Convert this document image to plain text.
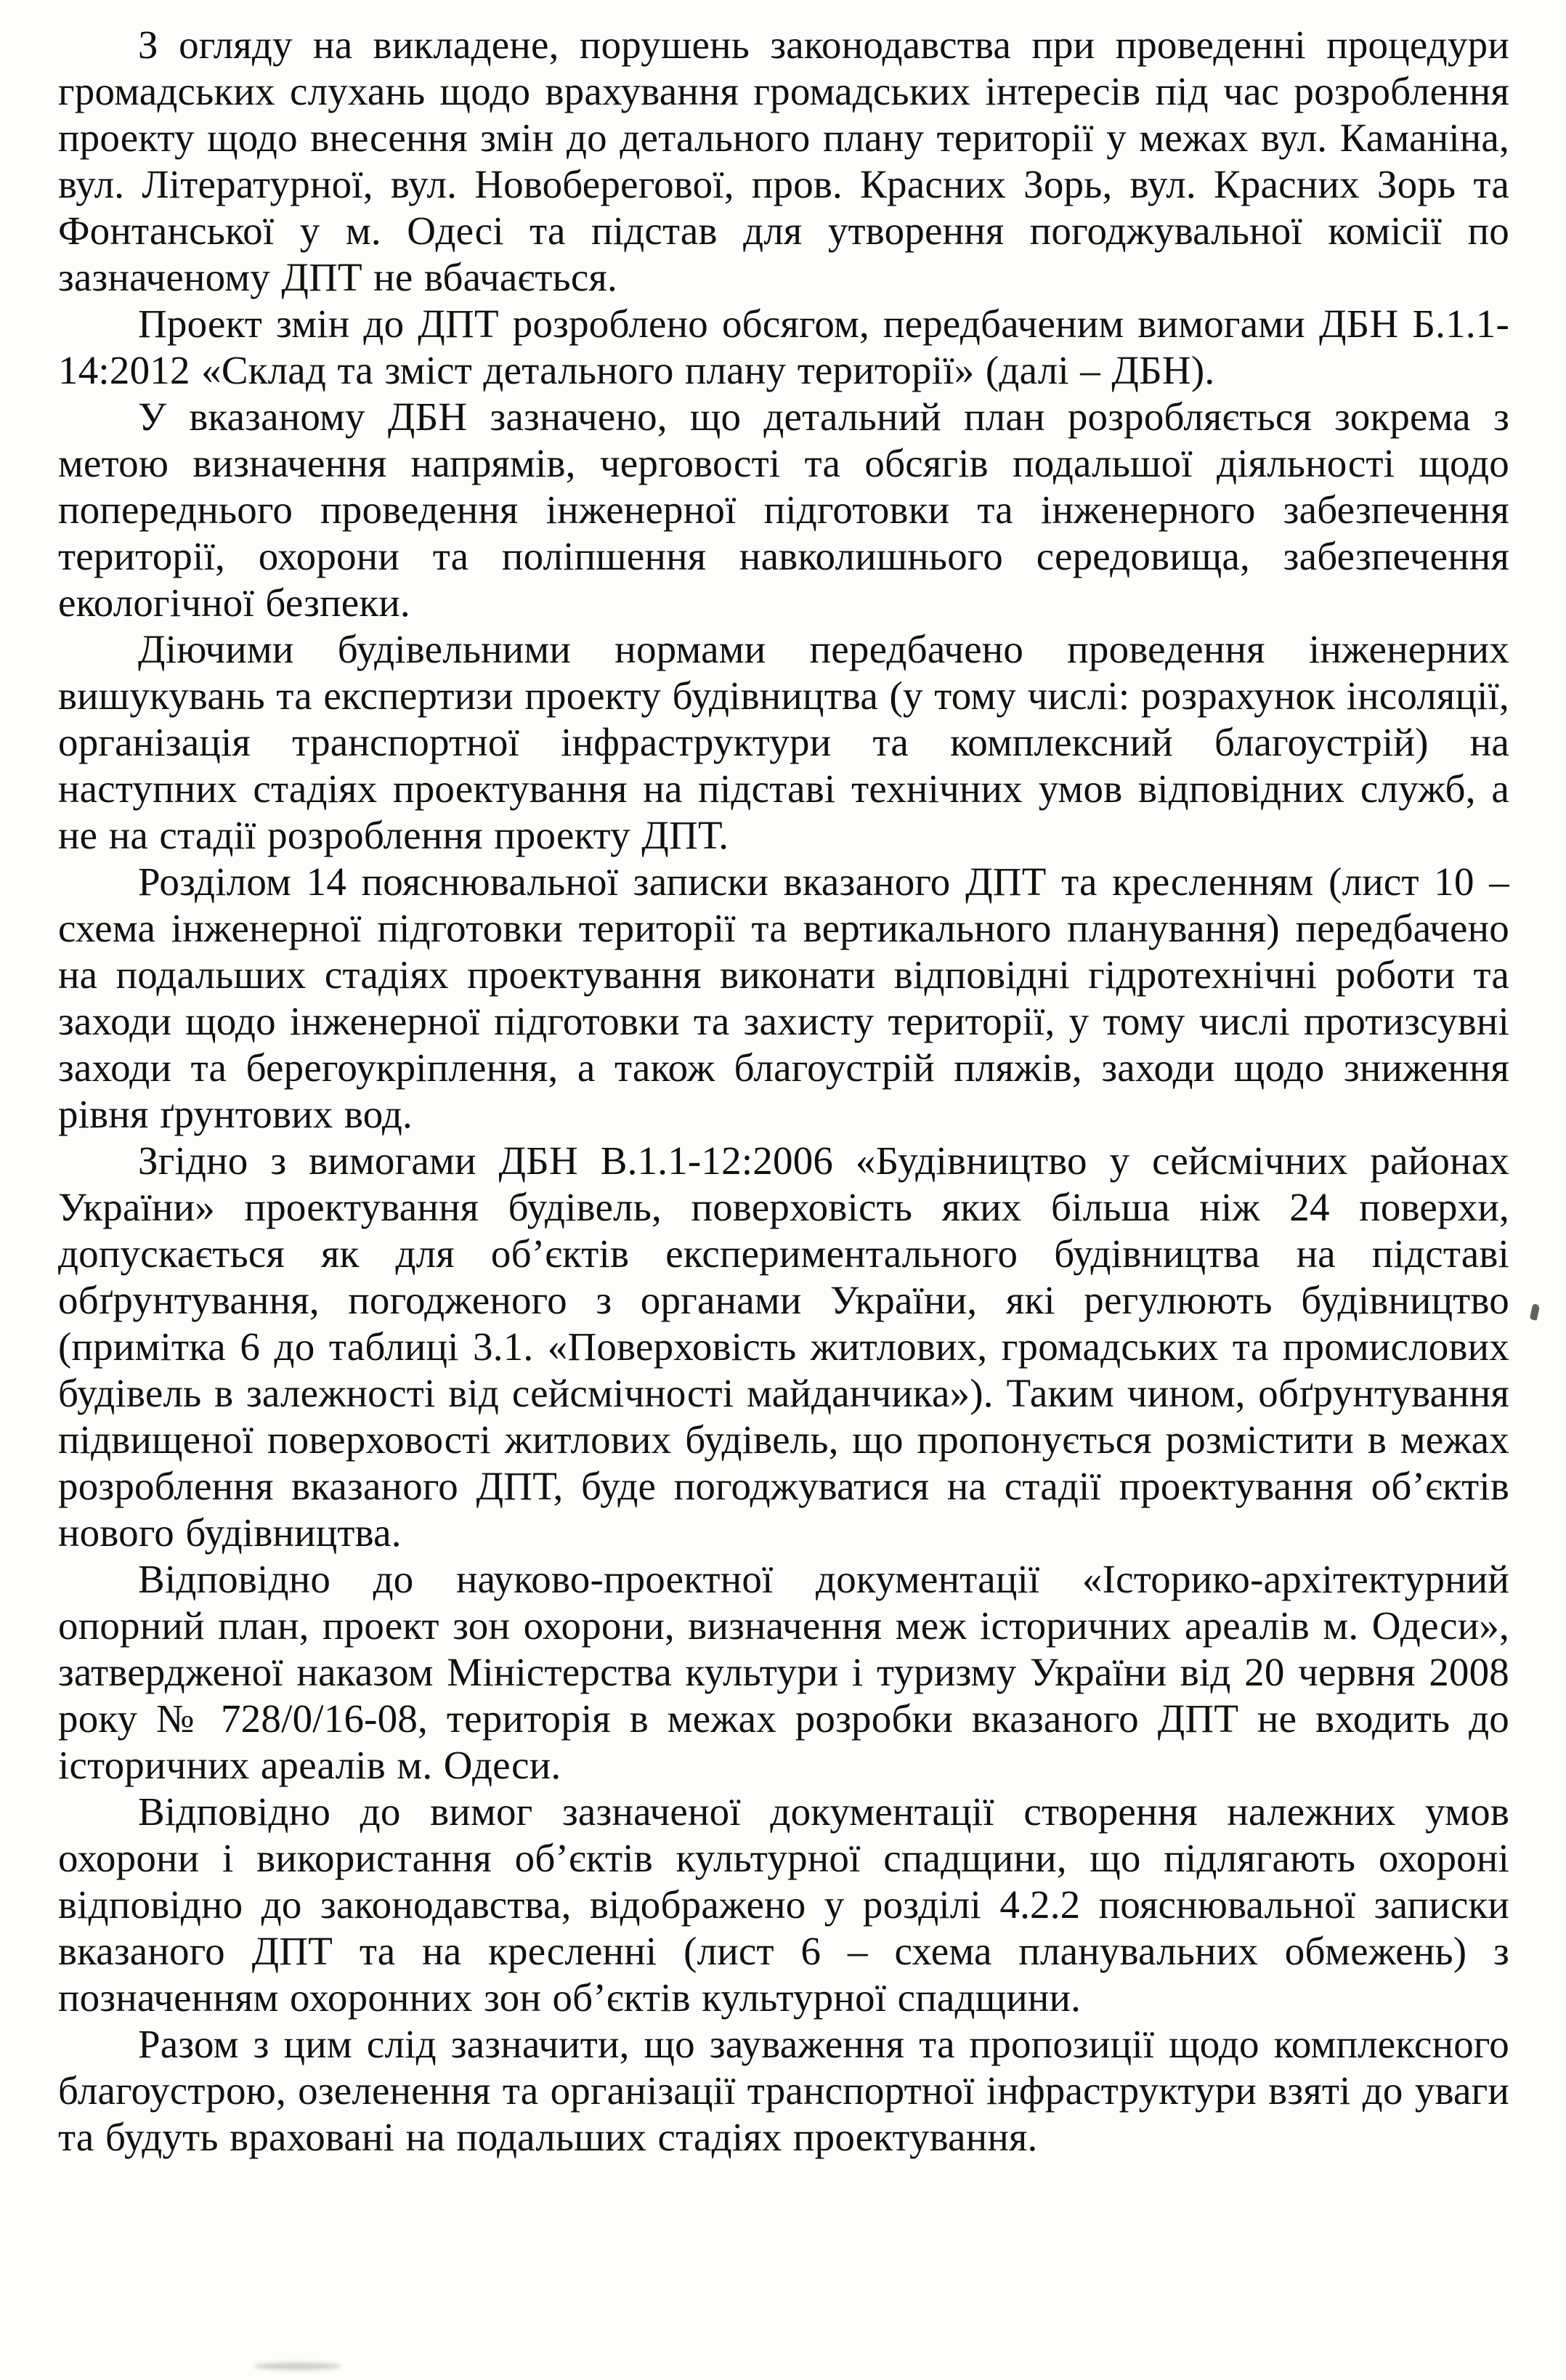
З огляду на викладене, порушень законодавства при проведенні процедури громадських слухань щодо врахування громадських інтересів під час розроблення проекту щодо внесення змін до детального плану території у межах вул. Каманіна, вул. Літературної, вул. Новоберегової, пров. Красних Зорь, вул. Красних Зорь та Фонтанської у м. Одесі та підстав для утворення погоджувальної комісії по зазначеному ДПТ не вбачається.

Проект змін до ДПТ розроблено обсягом, передбаченим вимогами ДБН Б.1.1-14:2012 «Склад та зміст детального плану території» (далі – ДБН).

У вказаному ДБН зазначено, що детальний план розробляється зокрема з метою визначення напрямів, черговості та обсягів подальшої діяльності щодо попереднього проведення інженерної підготовки та інженерного забезпечення території, охорони та поліпшення навколишнього середовища, забезпечення екологічної безпеки.

Діючими будівельними нормами передбачено проведення інженерних вишукувань та експертизи проекту будівництва (у тому числі: розрахунок інсоляції, організація транспортної інфраструктури та комплексний благоустрій) на наступних стадіях проектування на підставі технічних умов відповідних служб, а не на стадії розроблення проекту ДПТ.

Розділом 14 пояснювальної записки вказаного ДПТ та кресленням (лист 10 – схема інженерної підготовки території та вертикального планування) передбачено на подальших стадіях проектування виконати відповідні гідротехнічні роботи та заходи щодо інженерної підготовки та захисту території, у тому числі протизсувні заходи та берегоукріплення, а також благоустрій пляжів, заходи щодо зниження рівня ґрунтових вод.

Згідно з вимогами ДБН В.1.1-12:2006 «Будівництво у сейсмічних районах України» проектування будівель, поверховість яких більша ніж 24 поверхи, допускається як для об’єктів експериментального будівництва на підставі обґрунтування, погодженого з органами України, які регулюють будівництво (примітка 6 до таблиці 3.1. «Поверховість житлових, громадських та промислових будівель в залежності від сейсмічності майданчика»). Таким чином, обґрунтування підвищеної поверховості житлових будівель, що пропонується розмістити в межах розроблення вказаного ДПТ, буде погоджуватися на стадії проектування об’єктів нового будівництва.

Відповідно до науково-проектної документації «Історико-архітектурний опорний план, проект зон охорони, визначення меж історичних ареалів м. Одеси», затвердженої наказом Міністерства культури і туризму України від 20 червня 2008 року № 728/0/16-08, територія в межах розробки вказаного ДПТ не входить до історичних ареалів м. Одеси.

Відповідно до вимог зазначеної документації створення належних умов охорони і використання об’єктів культурної спадщини, що підлягають охороні відповідно до законодавства, відображено у розділі 4.2.2 пояснювальної записки вказаного ДПТ та на кресленні (лист 6 – схема планувальних обмежень) з позначенням охоронних зон об’єктів культурної спадщини.

Разом з цим слід зазначити, що зауваження та пропозиції щодо комплексного благоустрою, озеленення та організації транспортної інфраструктури взяті до уваги та будуть враховані на подальших стадіях проектування.
